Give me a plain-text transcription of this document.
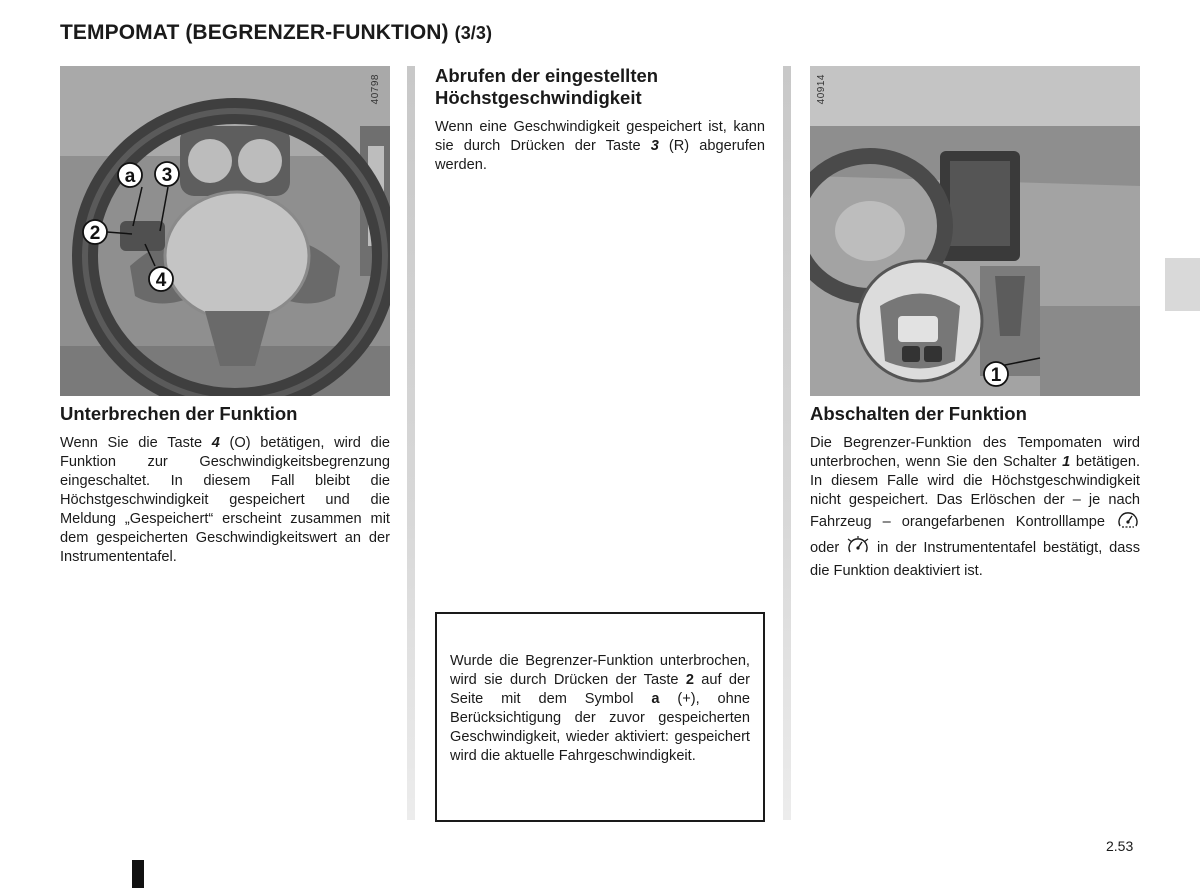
TEMPOMAT (BEGRENZER-FUNKTION) (3/3)
40798
a 3
2
4
40914
1
Unterbrechen der Funktion
Wenn Sie die Taste 4 (O) betätigen, wird die Funktion zur Geschwindigkeitsbegrenzung eingeschaltet. In diesem Fall bleibt die Höchstgeschwindigkeit gespeichert und die Meldung „Gespeichert“ erscheint zusammen mit dem gespeicherten Geschwindigkeitswert an der Instrumententafel.
Abrufen der eingestellten
Höchstgeschwindigkeit
Wenn eine Geschwindigkeit gespeichert ist, kann sie durch Drücken der Taste 3 (R) abgerufen werden.
Wurde die Begrenzer-Funktion unterbrochen, wird sie durch Drücken der Taste 2 auf der Seite mit dem Symbol a (+), ohne Berücksichtigung der zuvor gespeicherten Geschwindigkeit, wieder aktiviert: gespeichert wird die aktuelle Fahrgeschwindigkeit.
Abschalten der Funktion
Die Begrenzer-Funktion des Tempomaten wird unterbrochen, wenn Sie den Schalter 1 betätigen. In diesem Falle wird die Höchstgeschwindigkeit nicht gespeichert. Das Erlöschen der – je nach Fahrzeug – orangefarbenen Kontrolllampe  oder  in der Instrumententafel bestätigt, dass die Funktion deaktiviert ist.
2.53
